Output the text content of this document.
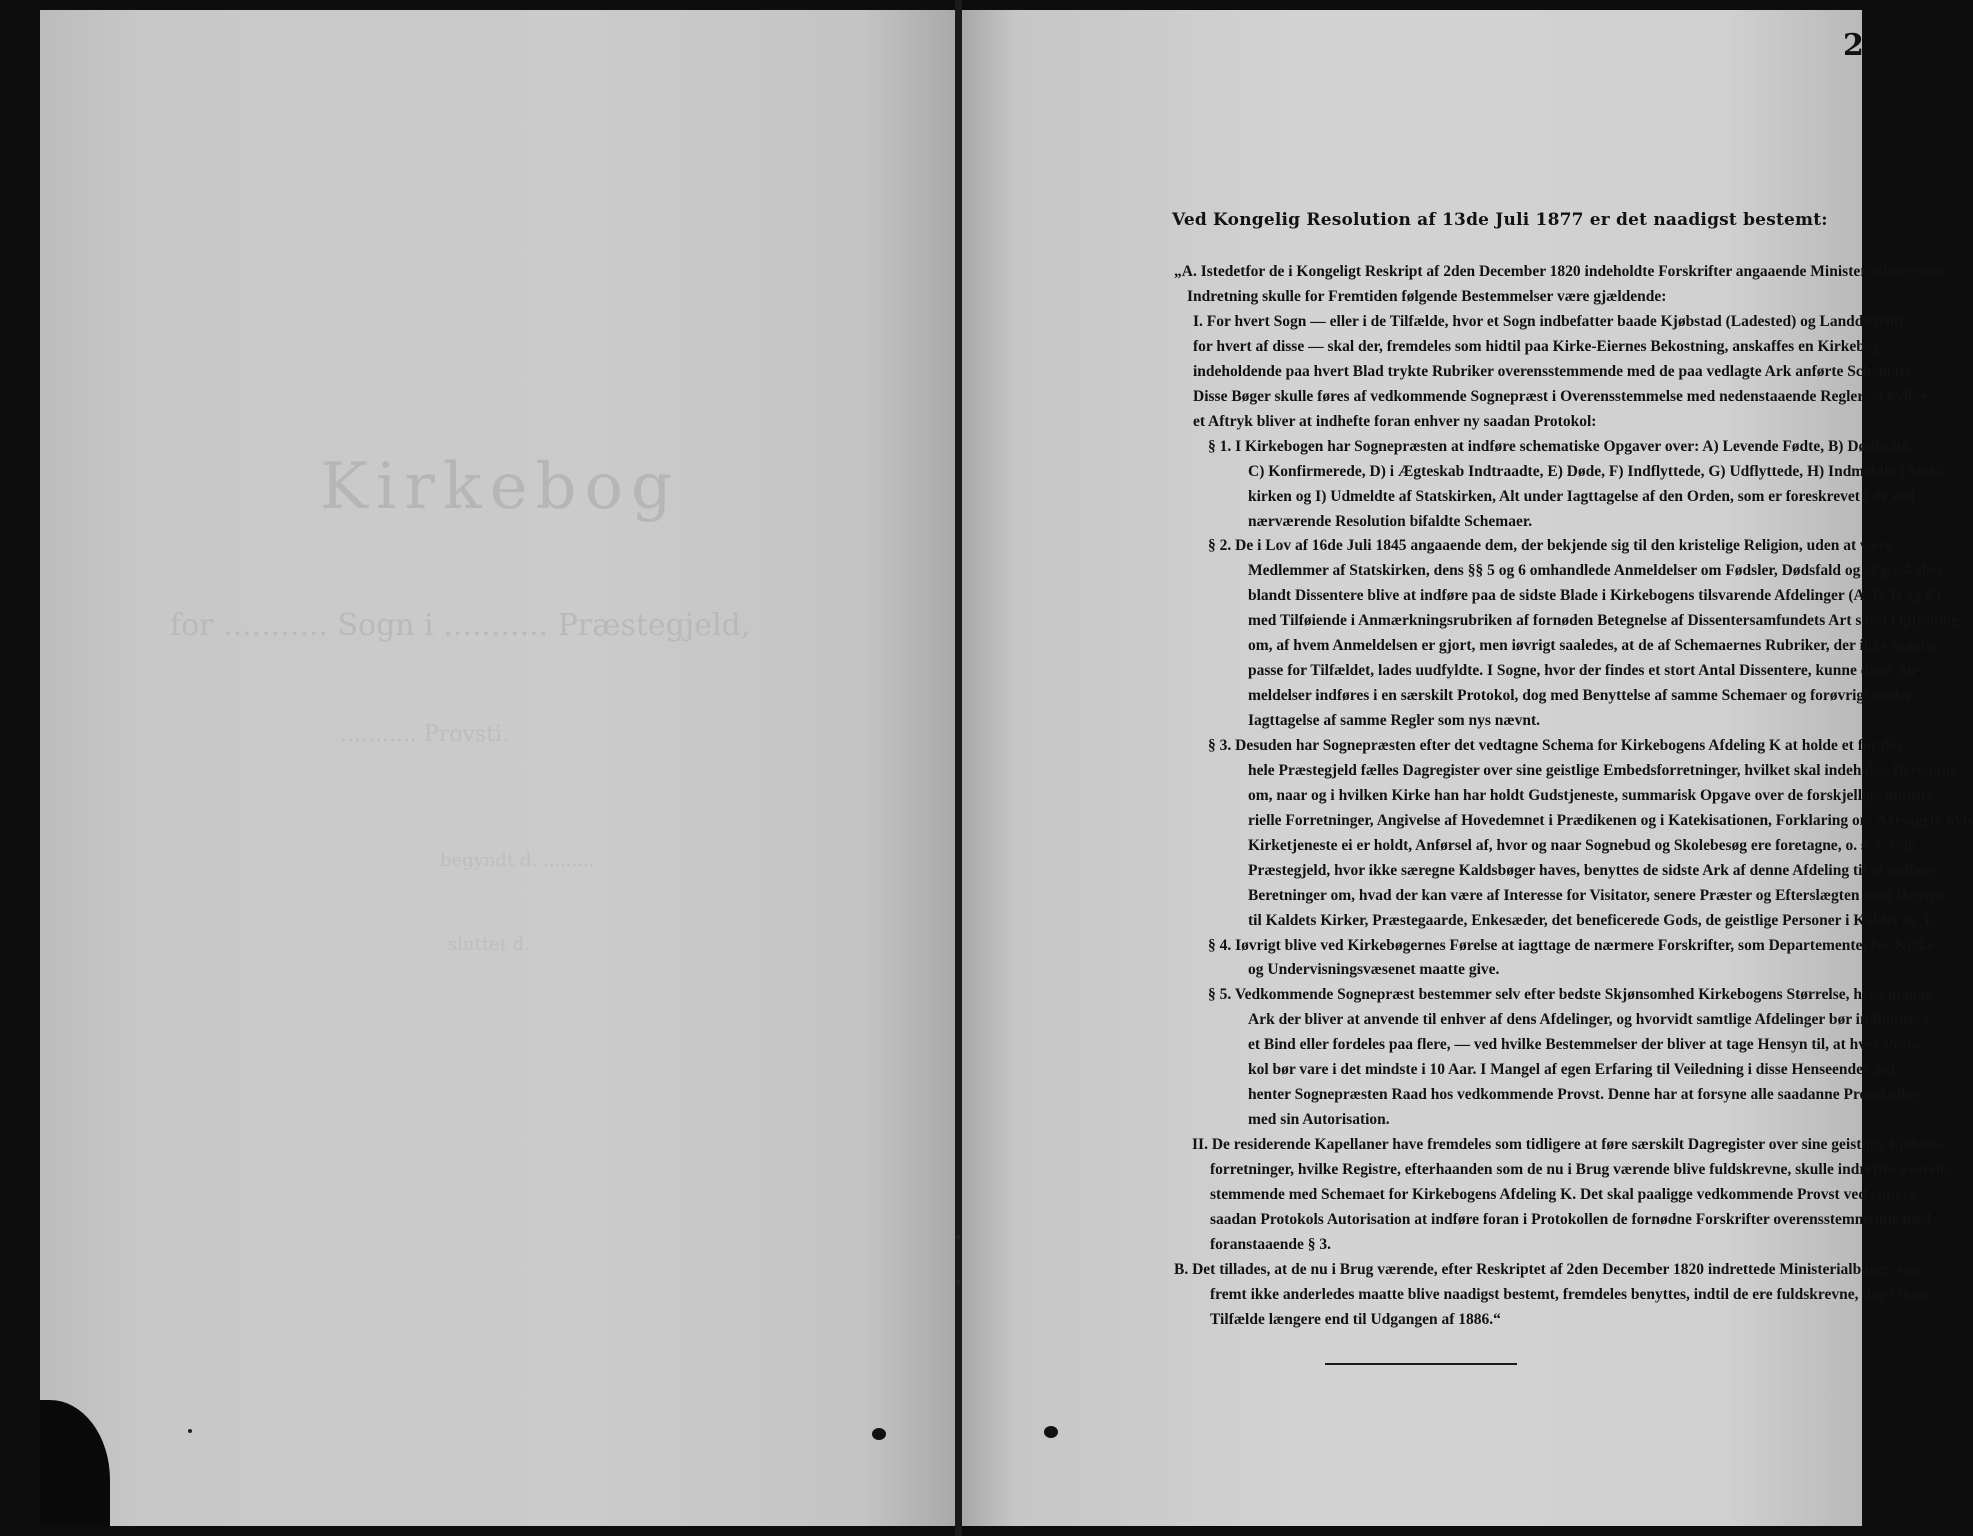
Kirkebog
for ........... Sogn i ........... Præstegjeld,
........... Provsti.
begyndt d. .........
sluttet d.
2
Ved Kongelig Resolution af 13de Juli 1877 er det naadigst bestemt:
„A. Istedetfor de i Kongeligt Reskript af 2den December 1820 indeholdte Forskrifter angaaende Ministerialbøgernes
Indretning skulle for Fremtiden følgende Bestemmelser være gjældende:
I. For hvert Sogn — eller i de Tilfælde, hvor et Sogn indbefatter baade Kjøbstad (Ladested) og Landdistrikt,
for hvert af disse — skal der, fremdeles som hidtil paa Kirke-Eiernes Bekostning, anskaffes en Kirkebog,
indeholdende paa hvert Blad trykte Rubriker overensstemmende med de paa vedlagte Ark anførte Schemaer.
Disse Bøger skulle føres af vedkommende Sognepræst i Overensstemmelse med nedenstaaende Regler, af hvilke
et Aftryk bliver at indhefte foran enhver ny saadan Protokol:
§ 1. I Kirkebogen har Sognepræsten at indføre schematiske Opgaver over: A) Levende Fødte, B) Dødfødte,
C) Konfirmerede, D) i Ægteskab Indtraadte, E) Døde, F) Indflyttede, G) Udflyttede, H) Indmeldte i Stats-
kirken og I) Udmeldte af Statskirken, Alt under Iagttagelse af den Orden, som er foreskrevet i de ved
nærværende Resolution bifaldte Schemaer.
§ 2. De i Lov af 16de Juli 1845 angaaende dem, der bekjende sig til den kristelige Religion, uden at være
Medlemmer af Statskirken, dens §§ 5 og 6 omhandlede Anmeldelser om Fødsler, Dødsfald og Ægteskaber
blandt Dissentere blive at indføre paa de sidste Blade i Kirkebogens tilsvarende Afdelinger (A, B, D og E)
med Tilføiende i Anmærkningsrubriken af fornøden Betegnelse af Dissentersamfundets Art samt Oplysning
om, af hvem Anmeldelsen er gjort, men iøvrigt saaledes, at de af Schemaernes Rubriker, der ikke maatte
passe for Tilfældet, lades uudfyldte. I Sogne, hvor der findes et stort Antal Dissentere, kunne disse An-
meldelser indføres i en særskilt Protokol, dog med Benyttelse af samme Schemaer og forøvrigt under
Iagttagelse af samme Regler som nys nævnt.
§ 3. Desuden har Sognepræsten efter det vedtagne Schema for Kirkebogens Afdeling K at holde et for det
hele Præstegjeld fælles Dagregister over sine geistlige Embedsforretninger, hvilket skal indeholde Beretning
om, naar og i hvilken Kirke han har holdt Gudstjeneste, summarisk Opgave over de forskjellige ministe-
rielle Forretninger, Angivelse af Hovedemnet i Prædikenen og i Katekisationen, Forklaring om Aarsagen, hvis
Kirketjeneste ei er holdt, Anførsel af, hvor og naar Sognebud og Skolebesøg ere foretagne, o. s. v. I de
Præstegjeld, hvor ikke særegne Kaldsbøger haves, benyttes de sidste Ark af denne Afdeling til at indføre
Beretninger om, hvad der kan være af Interesse for Visitator, senere Præster og Efterslægten med Hensyn
til Kaldets Kirker, Præstegaarde, Enkesæder, det beneficerede Gods, de geistlige Personer i Kaldet m. V.
§ 4. Iøvrigt blive ved Kirkebøgernes Førelse at iagttage de nærmere Forskrifter, som Departementet for Kirke-
og Undervisningsvæsenet maatte give.
§ 5. Vedkommende Sognepræst bestemmer selv efter bedste Skjønsomhed Kirkebogens Størrelse, hvor mange
Ark der bliver at anvende til enhver af dens Afdelinger, og hvorvidt samtlige Afdelinger bør indbindes i
et Bind eller fordeles paa flere, — ved hvilke Bestemmelser der bliver at tage Hensyn til, at hver Proto-
kol bør vare i det mindste i 10 Aar. I Mangel af egen Erfaring til Veiledning i disse Henseender ind-
henter Sognepræsten Raad hos vedkommende Provst. Denne har at forsyne alle saadanne Protokoller
med sin Autorisation.
II. De residerende Kapellaner have fremdeles som tidligere at føre særskilt Dagregister over sine geistlige Embeds-
forretninger, hvilke Registre, efterhaanden som de nu i Brug værende blive fuldskrevne, skulle indrettes overens-
stemmende med Schemaet for Kirkebogens Afdeling K. Det skal paaligge vedkommende Provst ved enhver
saadan Protokols Autorisation at indføre foran i Protokollen de fornødne Forskrifter overensstemmende med
foranstaaende § 3.
B. Det tillades, at de nu i Brug værende, efter Reskriptet af 2den December 1820 indrettede Ministerialbøger, saa-
fremt ikke anderledes maatte blive naadigst bestemt, fremdeles benyttes, indtil de ere fuldskrevne, dog i intet
Tilfælde længere end til Udgangen af 1886.“
